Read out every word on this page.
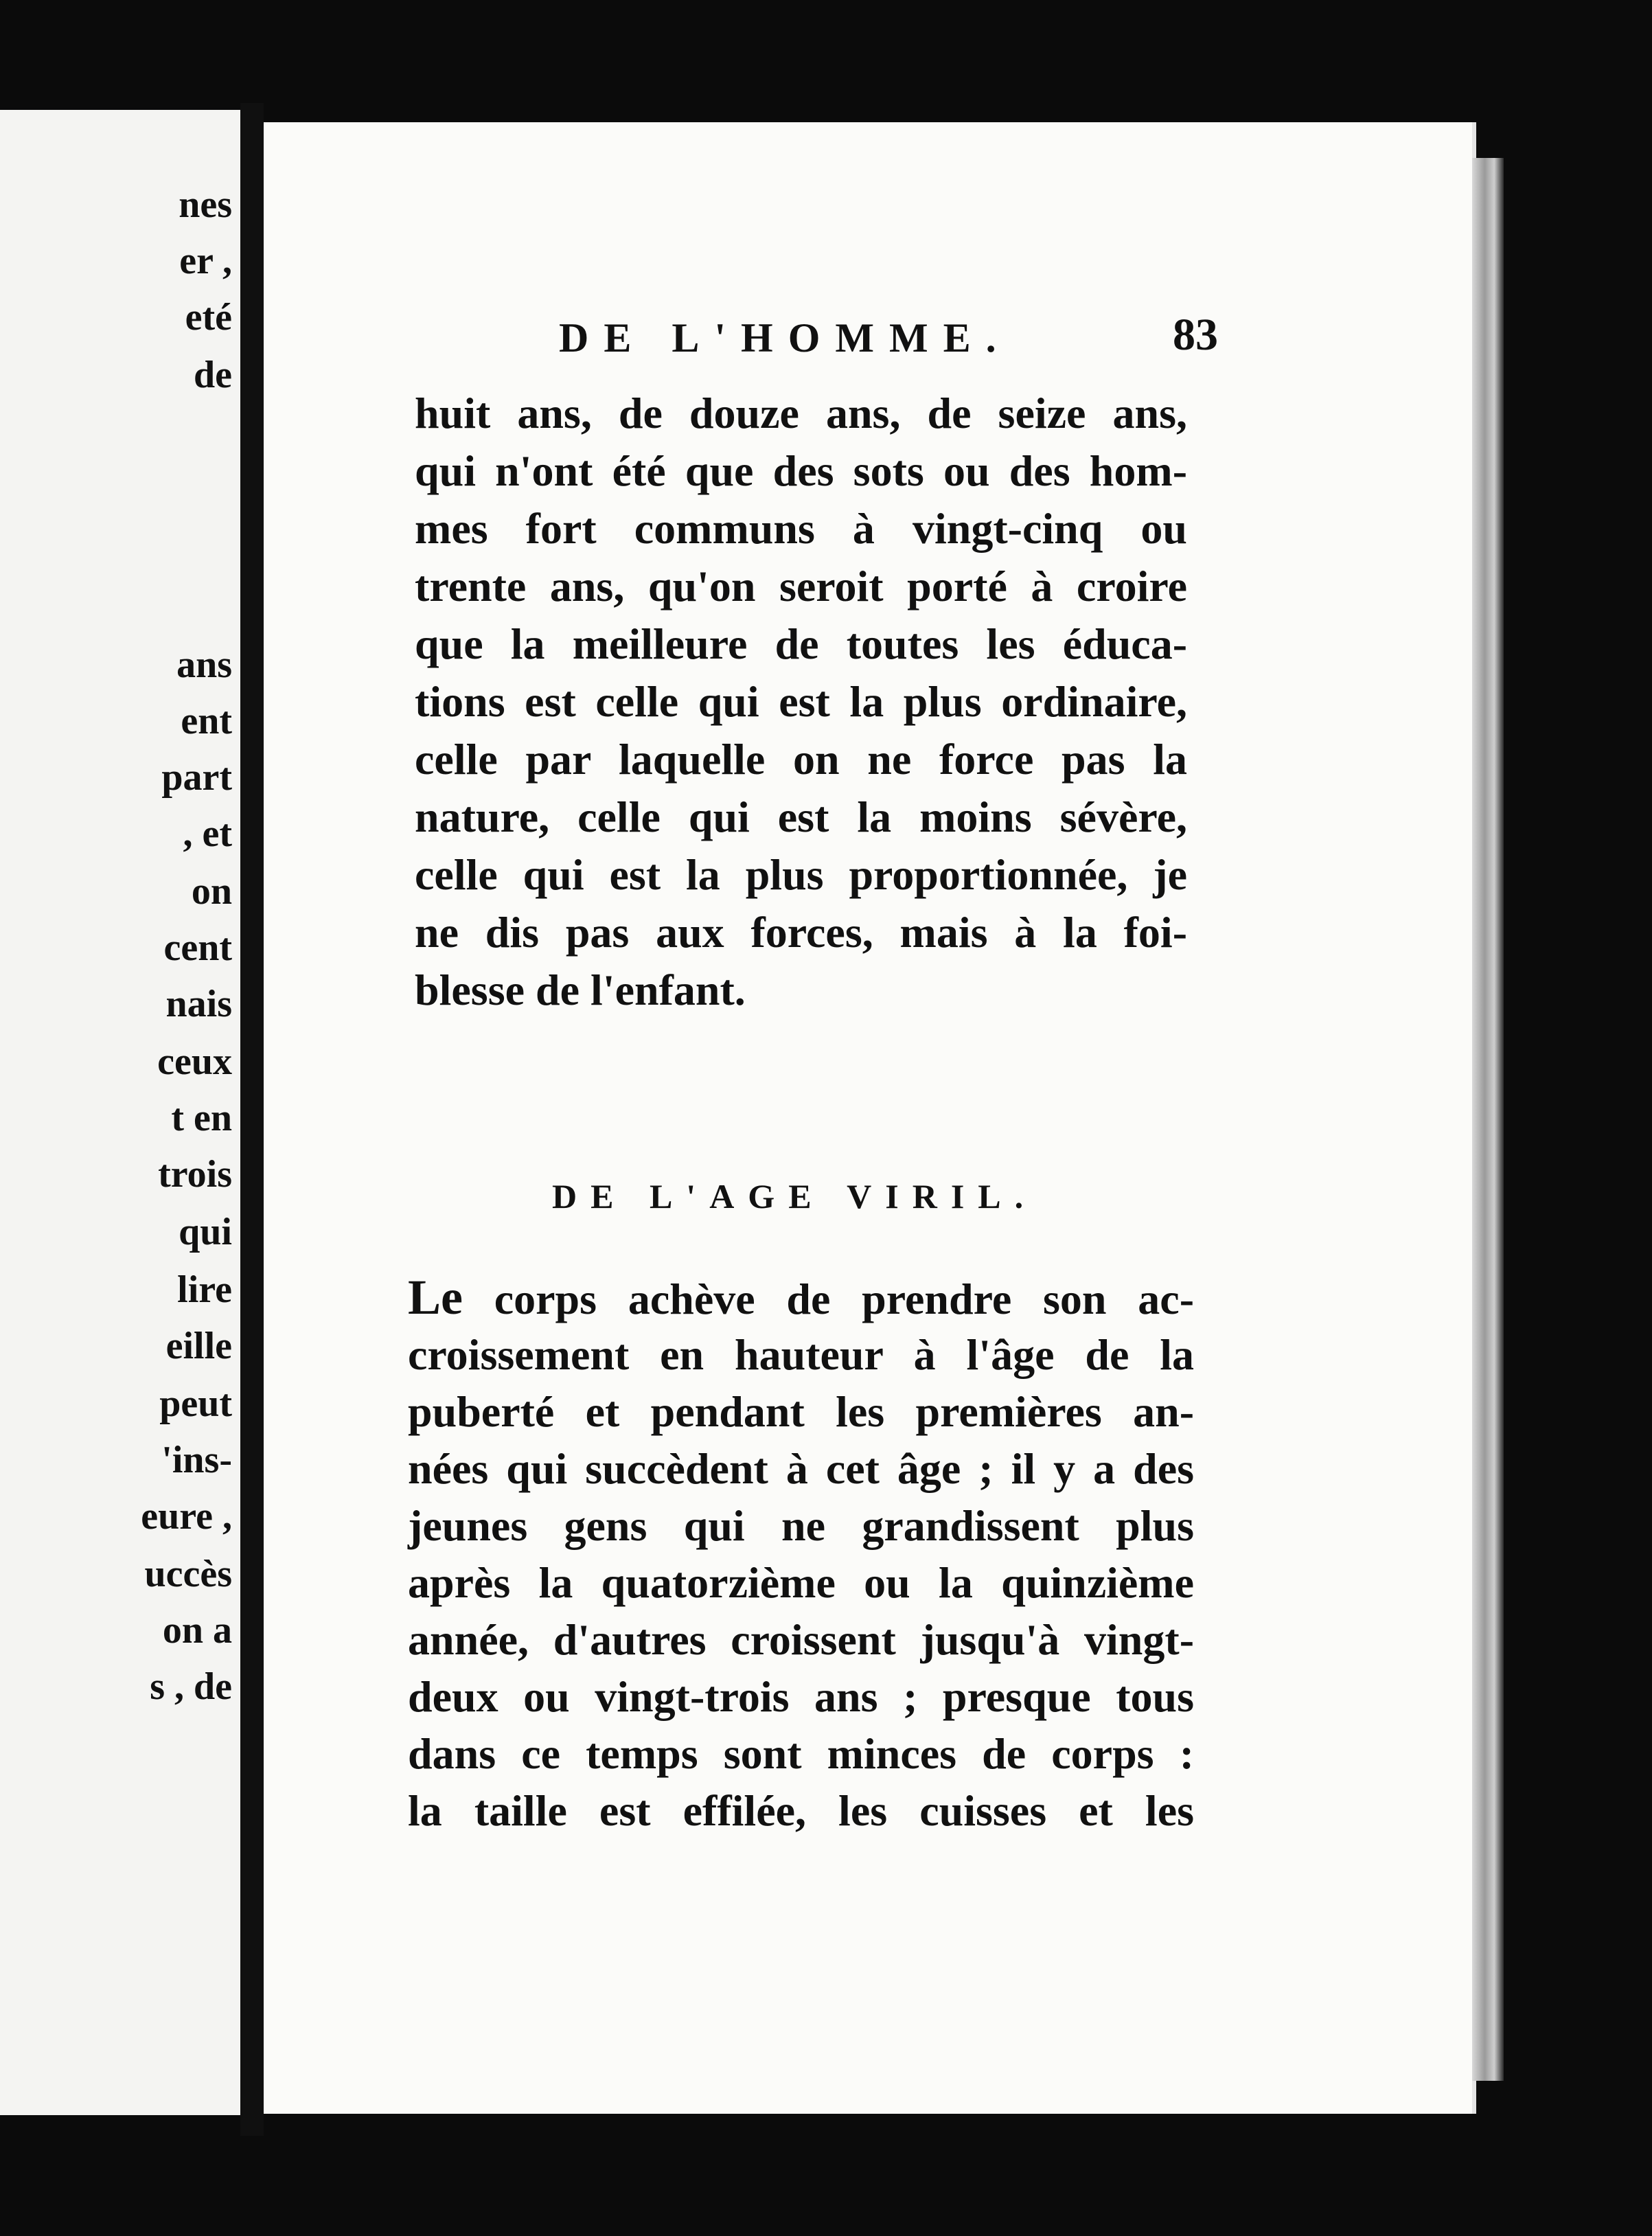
nes
er ,
eté
de
ans
ent
part
, et
on
cent
nais
ceux
t en
trois
qui
lire
eille
peut
'ins-
eure ,
uccès
on a
s , de
DE L'HOMME.	83
huit ans, de douze ans, de seize ans,
qui n'ont été que des sots ou des hom-
mes fort communs à vingt-cinq ou
trente ans, qu'on seroit porté à croire
que la meilleure de toutes les éduca-
tions est celle qui est la plus ordinaire,
celle par laquelle on ne force pas la
nature, celle qui est la moins sévère,
celle qui est la plus proportionnée, je
ne dis pas aux forces, mais à la foi-
blesse de l'enfant.
DE L'AGE VIRIL.
Le corps achève de prendre son ac-
croissement en hauteur à l'âge de la
puberté et pendant les premières an-
nées qui succèdent à cet âge ; il y a des
jeunes gens qui ne grandissent plus
après la quatorzième ou la quinzième
année, d'autres croissent jusqu'à vingt-
deux ou vingt-trois ans ; presque tous
dans ce temps sont minces de corps :
la taille est effilée, les cuisses et les
